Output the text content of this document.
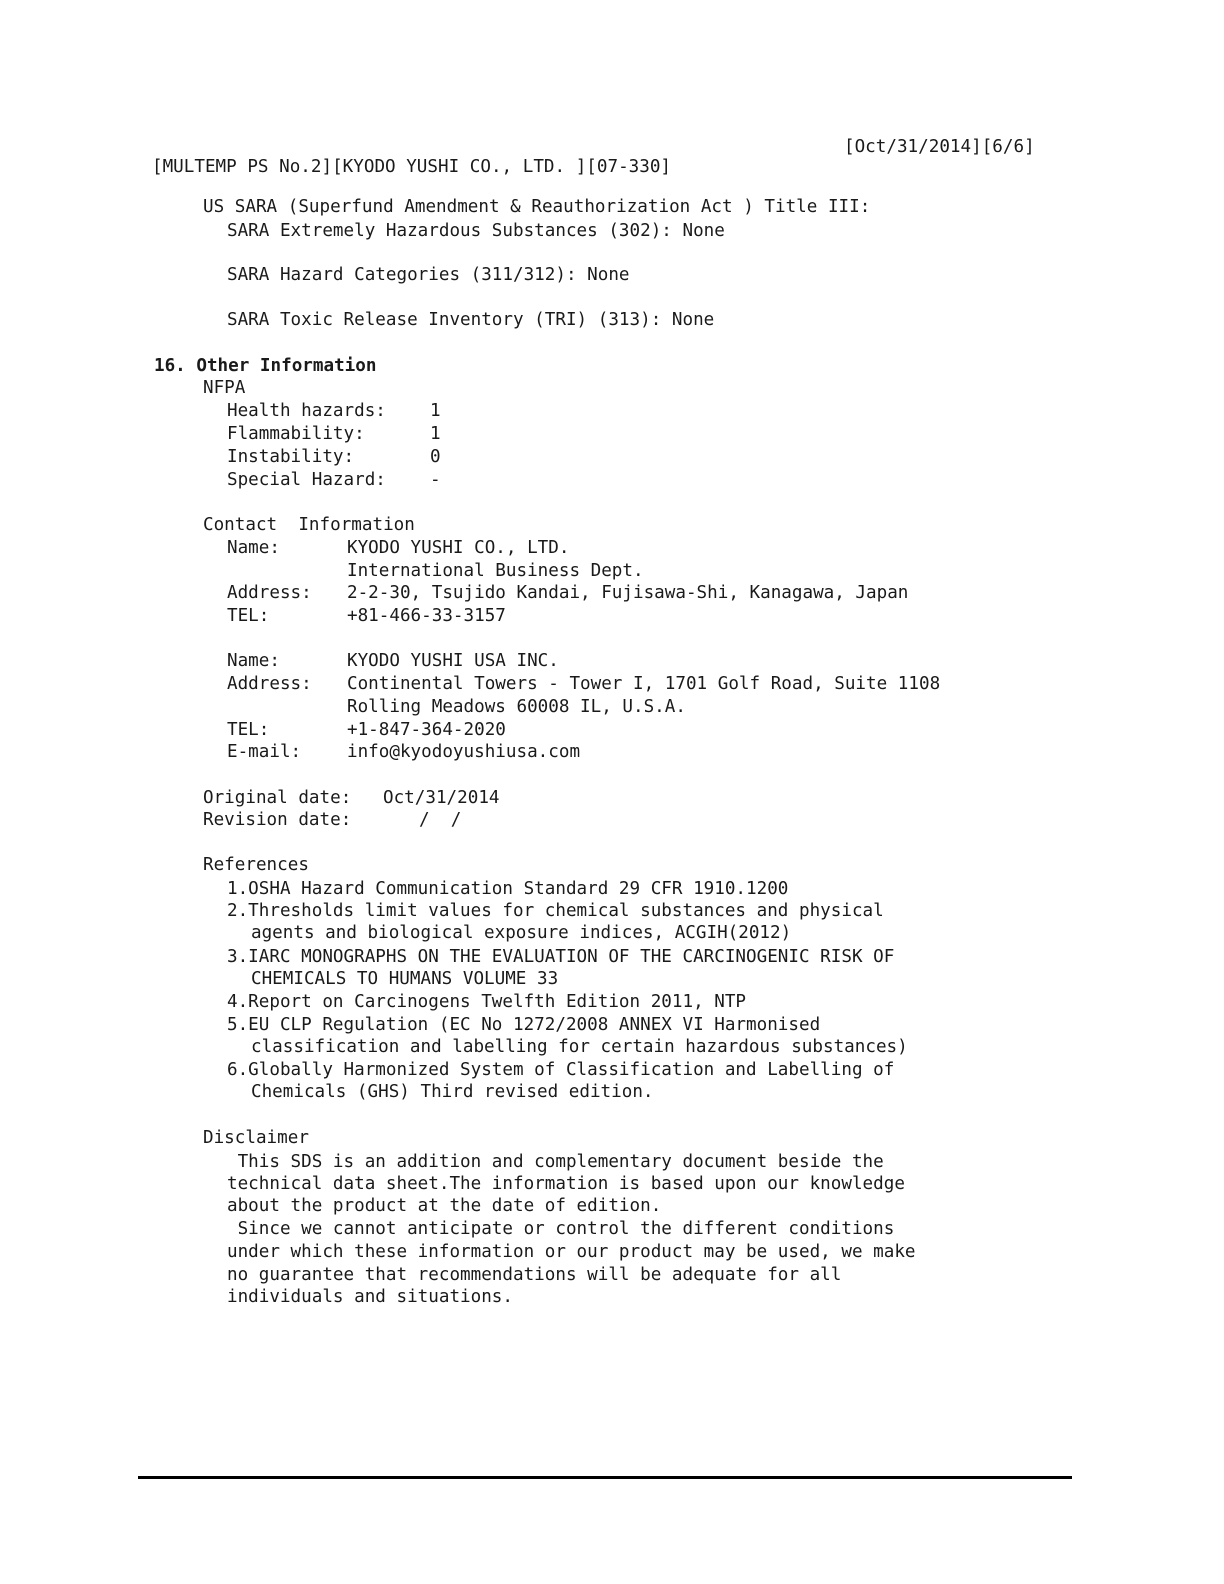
[Oct/31/2014][6/6]
[MULTEMP PS No.2][KYODO YUSHI CO., LTD. ][07-330]
US SARA (Superfund Amendment & Reauthorization Act ) Title III:
SARA Extremely Hazardous Substances (302): None
SARA Hazard Categories (311/312): None
SARA Toxic Release Inventory (TRI) (313): None
16. Other Information
NFPA
Health hazards:	1
Flammability:	1
Instability:	0
Special Hazard:	-
Contact  Information
Name:	KYODO YUSHI CO., LTD.
International Business Dept.
Address: 2-2-30, Tsujido Kandai, Fujisawa-Shi, Kanagawa, Japan
TEL:	+81-466-33-3157
Name:	KYODO YUSHI USA INC.
Address: Continental Towers - Tower I, 1701 Golf Road, Suite 1108
Rolling Meadows 60008 IL, U.S.A.
TEL:	+1-847-364-2020
E-mail:	info@kyodoyushiusa.com
Original date: Oct/31/2014
Revision date:	/  /
References
1.OSHA Hazard Communication Standard 29 CFR 1910.1200
2.Thresholds limit values for chemical substances and physical
agents and biological exposure indices, ACGIH(2012)
3.IARC MONOGRAPHS ON THE EVALUATION OF THE CARCINOGENIC RISK OF
CHEMICALS TO HUMANS VOLUME 33
4.Report on Carcinogens Twelfth Edition 2011, NTP
5.EU CLP Regulation (EC No 1272/2008 ANNEX VI Harmonised
classification and labelling for certain hazardous substances)
6.Globally Harmonized System of Classification and Labelling of
Chemicals (GHS) Third revised edition.
Disclaimer
This SDS is an addition and complementary document beside the
technical data sheet.The information is based upon our knowledge
about the product at the date of edition.
Since we cannot anticipate or control the different conditions
under which these information or our product may be used, we make
no guarantee that recommendations will be adequate for all
individuals and situations.
